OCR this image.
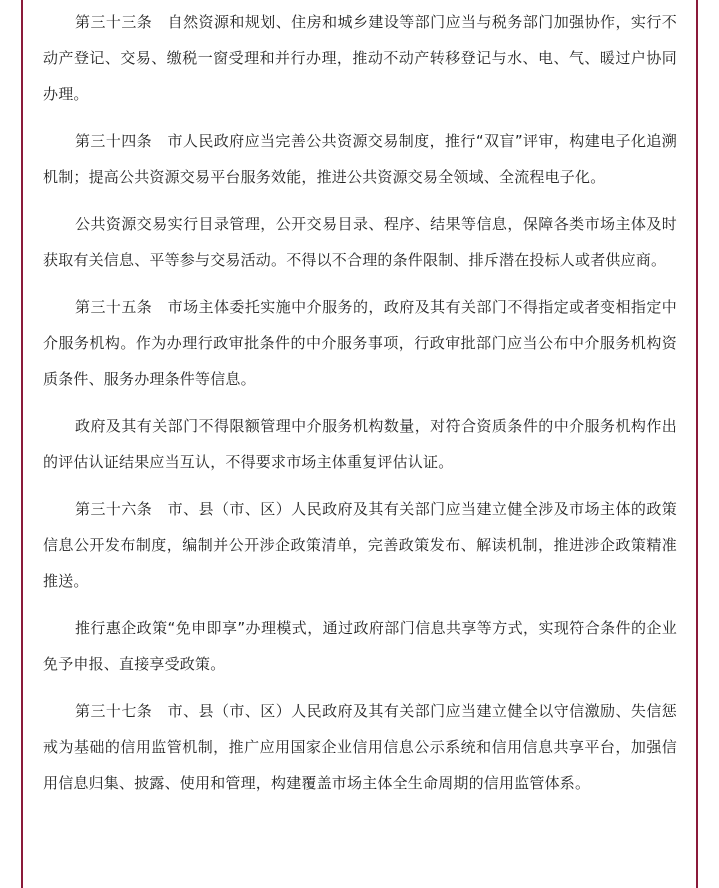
第三十三条　自然资源和规划、住房和城乡建设等部门应当与税务部门加强协作，实行不动产登记、交易、缴税一窗受理和并行办理，推动不动产转移登记与水、电、气、暖过户协同办理。

第三十四条　市人民政府应当完善公共资源交易制度，推行“双盲”评审，构建电子化追溯机制；提高公共资源交易平台服务效能，推进公共资源交易全领域、全流程电子化。

公共资源交易实行目录管理，公开交易目录、程序、结果等信息，保障各类市场主体及时获取有关信息、平等参与交易活动。不得以不合理的条件限制、排斥潜在投标人或者供应商。

第三十五条　市场主体委托实施中介服务的，政府及其有关部门不得指定或者变相指定中介服务机构。作为办理行政审批条件的中介服务事项，行政审批部门应当公布中介服务机构资质条件、服务办理条件等信息。

政府及其有关部门不得限额管理中介服务机构数量，对符合资质条件的中介服务机构作出的评估认证结果应当互认，不得要求市场主体重复评估认证。

第三十六条　市、县（市、区）人民政府及其有关部门应当建立健全涉及市场主体的政策信息公开发布制度，编制并公开涉企政策清单，完善政策发布、解读机制，推进涉企政策精准推送。

推行惠企政策“免申即享”办理模式，通过政府部门信息共享等方式，实现符合条件的企业免予申报、直接享受政策。

第三十七条　市、县（市、区）人民政府及其有关部门应当建立健全以守信激励、失信惩戒为基础的信用监管机制，推广应用国家企业信用信息公示系统和信用信息共享平台，加强信用信息归集、披露、使用和管理，构建覆盖市场主体全生命周期的信用监管体系。
